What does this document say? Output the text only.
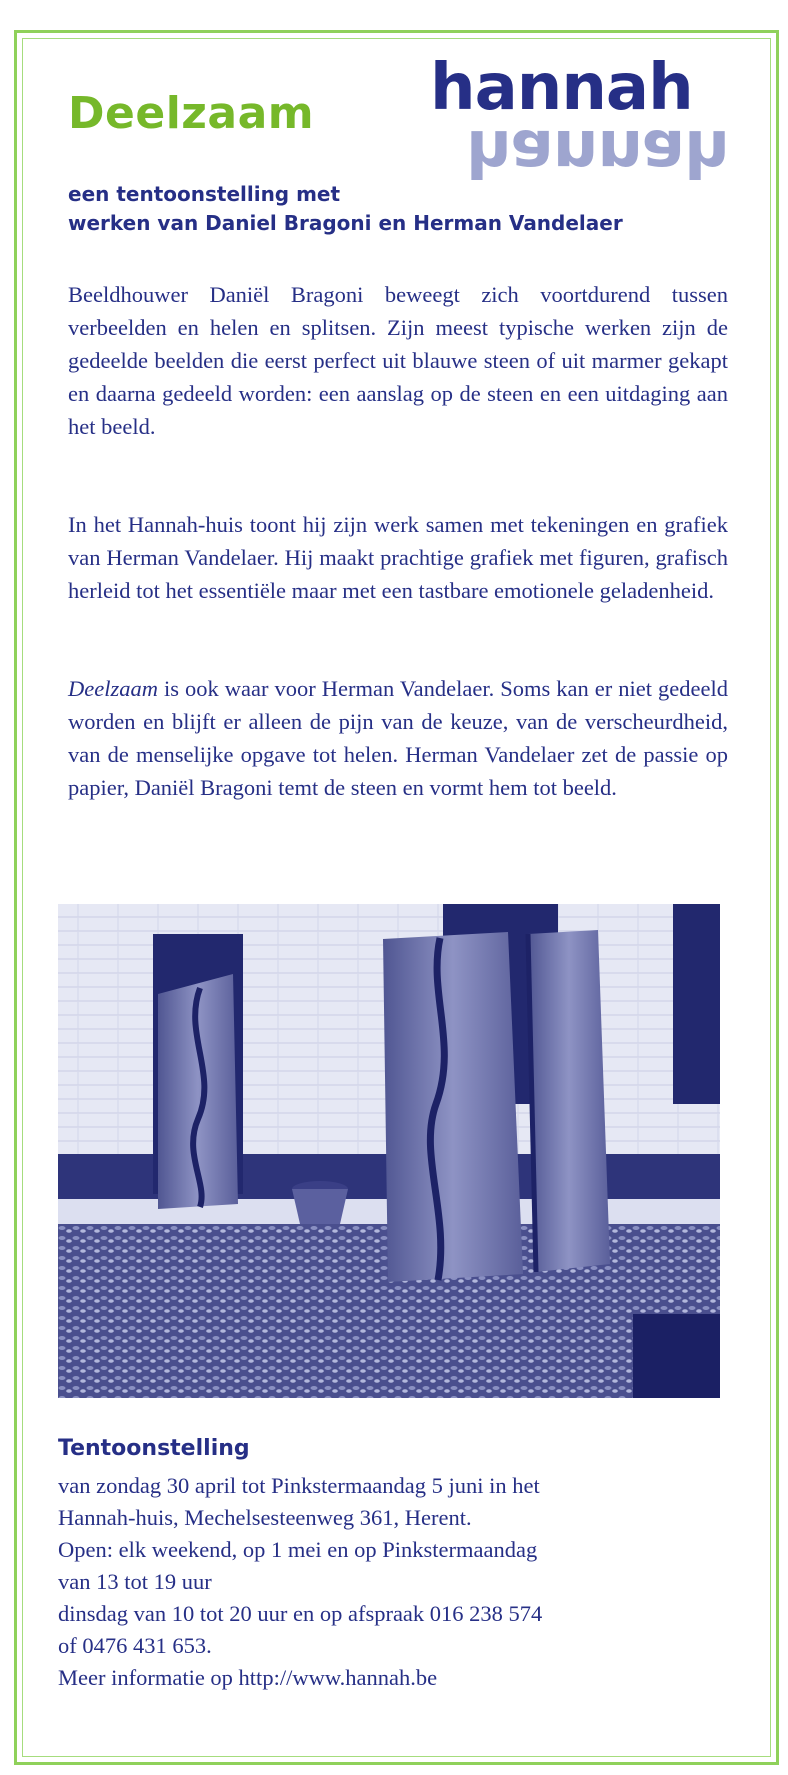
Deelzaam hannah
hannah
een tentoonstelling met
werken van Daniel Bragoni en Herman Vandelaer
Beeldhouwer Daniël Bragoni beweegt zich voortdurend tussen verbeelden en helen en splitsen. Zijn meest typische werken zijn de gedeelde beelden die eerst perfect uit blauwe steen of uit marmer gekapt en daarna gedeeld worden: een aanslag op de steen en een uitdaging aan het beeld.
In het Hannah-huis toont hij zijn werk samen met tekeningen en grafiek van Herman Vandelaer. Hij maakt prachtige grafiek met figuren, grafisch herleid tot het essentiële maar met een tastbare emotionele geladenheid.
Deelzaam is ook waar voor Herman Vandelaer. Soms kan er niet gedeeld worden en blijft er alleen de pijn van de keuze, van de verscheurdheid, van de menselijke opgave tot helen. Herman Vandelaer zet de passie op papier, Daniël Bragoni temt de steen en vormt hem tot beeld.
Tentoonstelling
van zondag 30 april tot Pinkstermaandag 5 juni in het
Hannah-huis, Mechelsesteenweg 361, Herent.
Open: elk weekend, op 1 mei en op Pinkstermaandag
van 13 tot 19 uur
dinsdag van 10 tot 20 uur en op afspraak 016 238 574
of 0476 431 653.
Meer informatie op http://www.hannah.be
